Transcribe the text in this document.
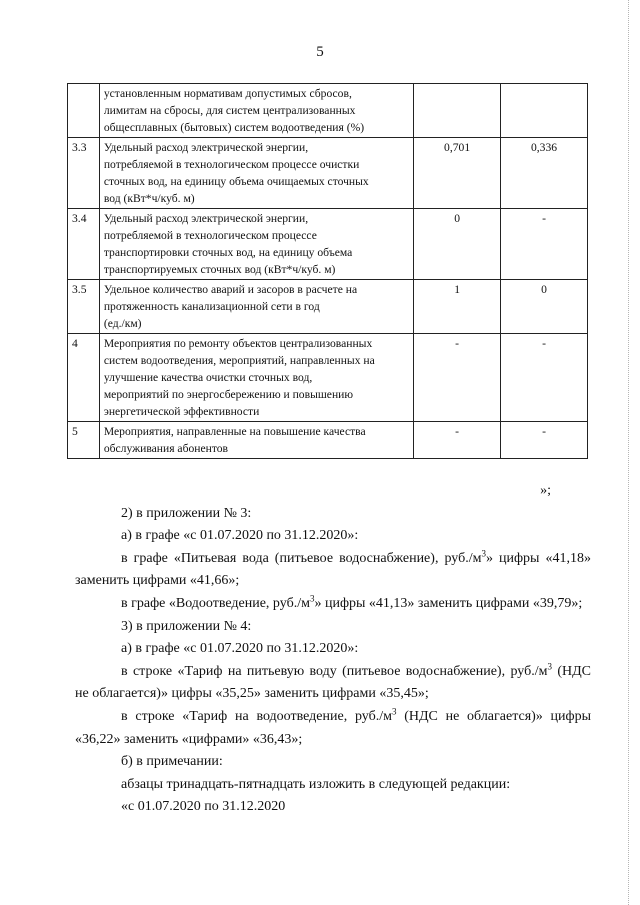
5

	установленным нормативам допустимых сбросов,
лимитам на сбросы, для систем централизованных
общесплавных (бытовых) систем водоотведения (%)		

3.3	Удельный расход электрической энергии,
потребляемой в технологическом процессе очистки
сточных вод, на единицу объема очищаемых сточных
вод (кВт*ч/куб. м)	0,701	0,336
3.4	Удельный расход электрической энергии,
потребляемой в технологическом процессе
транспортировки сточных вод, на единицу объема
транспортируемых сточных вод (кВт*ч/куб. м)	0	-
3.5	Удельное количество аварий и засоров в расчете на
протяженность канализационной сети в год
(ед./км)	1	0
4	Мероприятия по ремонту объектов централизованных
систем водоотведения, мероприятий, направленных на
улучшение качества очистки сточных вод,
мероприятий по энергосбережению и повышению
энергетической эффективности	-	-
5	Мероприятия, направленные на повышение качества
обслуживания абонентов	-	-

»;

2) в приложении № 3:

а) в графе «с 01.07.2020 по 31.12.2020»:

в графе «Питьевая вода (питьевое водоснабжение), $руб./м^3$» цифры «41,18» заменить цифрами «41,66»;

в графе «Водоотведение, $руб./м^3$» цифры «41,13» заменить цифрами «39,79»;

3) в приложении № 4:

а) в графе «с 01.07.2020 по 31.12.2020»:

в строке «Тариф на питьевую воду (питьевое водоснабжение), $руб./м^3$ (НДС не облагается)» цифры «35,25» заменить цифрами «35,45»;

в строке «Тариф на водоотведение, $руб./м^3$ (НДС не облагается)» цифры «36,22» заменить «цифрами» «36,43»;

б) в примечании:

абзацы тринадцать-пятнадцать изложить в следующей редакции:

«с 01.07.2020 по 31.12.2020
